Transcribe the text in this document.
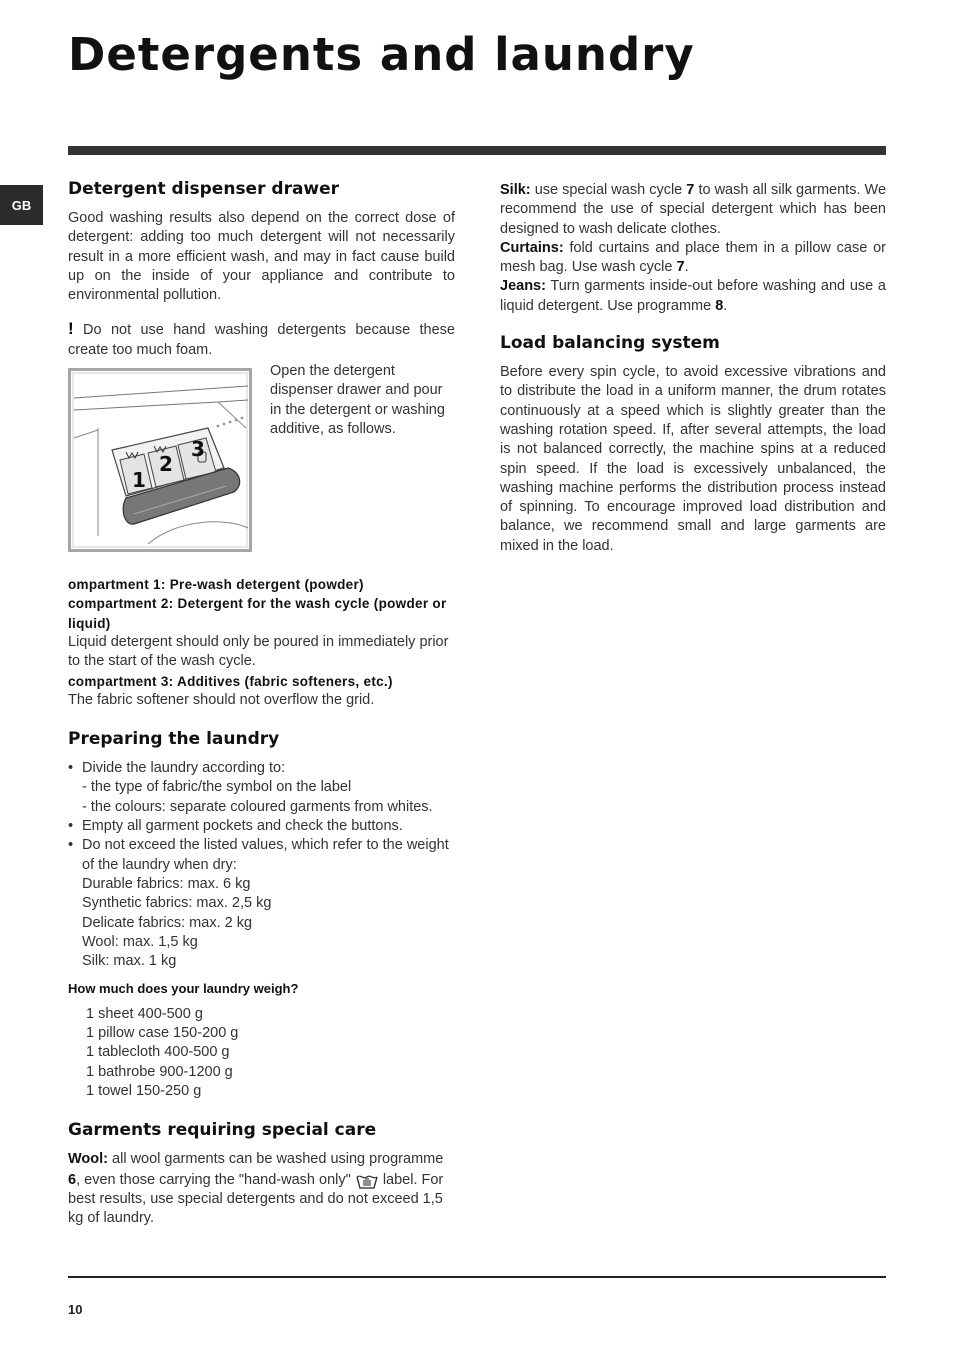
Detergents and laundry
GB
Detergent dispenser drawer

Good washing results also depend on the correct dose of detergent: adding too much detergent will not necessarily result in a more efficient wash, and may in fact cause build up on the inside of your appliance and contribute to environmental pollution.

! Do not use hand washing detergents because these create too much foam.

1
2
3

Open the detergent dispenser drawer and pour in the detergent or washing additive, as follows.

ompartment 1: Pre-wash detergent (powder)

compartment 2: Detergent for the wash cycle (powder or liquid)

Liquid detergent should only be poured in immediately prior to the start of the wash cycle.

compartment 3: Additives (fabric softeners, etc.)

The fabric softener should not overflow the grid.

Preparing the laundry
• Divide the laundry according to:
- the type of fabric/the symbol on the label
- the colours: separate coloured garments from whites.
• Empty all garment pockets and check the buttons.
• Do not exceed the listed values, which refer to the weight of the laundry when dry:
Durable fabrics: max. 6 kg
Synthetic fabrics: max. 2,5 kg
Delicate fabrics: max. 2 kg
Wool: max. 1,5 kg
Silk: max. 1 kg

How much does your laundry weigh?

1 sheet 400-500 g
1 pillow case 150-200 g
1 tablecloth 400-500 g
1 bathrobe 900-1200 g
1 towel 150-250 g
Garments requiring special care

Wool: all wool garments can be washed using programme 6, even those carrying the "hand-wash only" label. For best results, use special detergents and do not exceed 1,5 kg of laundry.

Silk: use special wash cycle 7 to wash all silk garments. We recommend the use of special detergent which has been designed to wash delicate clothes.

Curtains: fold curtains and place them in a pillow case or mesh bag. Use wash cycle 7.

Jeans: Turn garments inside-out before washing and use a liquid detergent. Use programme 8.

Load balancing system

Before every spin cycle, to avoid excessive vibrations and to distribute the load in a uniform manner, the drum rotates continuously at a speed which is slightly greater than the washing rotation speed. If, after several attempts, the load is not balanced correctly, the machine spins at a reduced spin speed. If the load is excessively unbalanced, the washing machine performs the distribution process instead of spinning. To encourage improved load distribution and balance, we recommend small and large garments are mixed in the load.

10
